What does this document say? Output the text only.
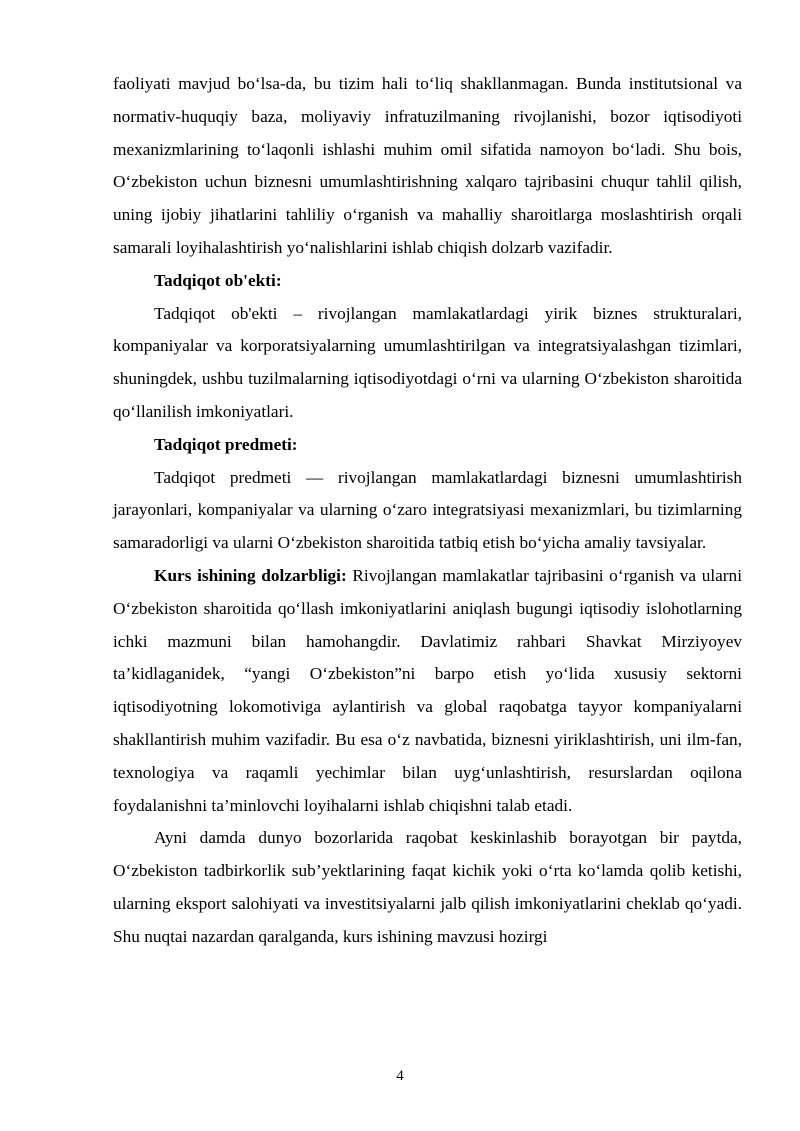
faoliyati mavjud bo‘lsa-da, bu tizim hali to‘liq shakllanmagan. Bunda institutsional va normativ-huquqiy baza, moliyaviy infratuzilmaning rivojlanishi, bozor iqtisodiyoti mexanizmlarining to‘laqonli ishlashi muhim omil sifatida namoyon bo‘ladi. Shu bois, O‘zbekiston uchun biznesni umumlashtirishning xalqaro tajribasini chuqur tahlil qilish, uning ijobiy jihatlarini tahliliy o‘rganish va mahalliy sharoitlarga moslashtirish orqali samarali loyihalashtirish yo‘nalishlarini ishlab chiqish dolzarb vazifadir.

Tadqiqot ob'ekti:

Tadqiqot ob'ekti – rivojlangan mamlakatlardagi yirik biznes strukturalari, kompaniyalar va korporatsiyalarning umumlashtirilgan va integratsiyalashgan tizimlari, shuningdek, ushbu tuzilmalarning iqtisodiyotdagi o‘rni va ularning O‘zbekiston sharoitida qo‘llanilish imkoniyatlari.

Tadqiqot predmeti:

Tadqiqot predmeti — rivojlangan mamlakatlardagi biznesni umumlashtirish jarayonlari, kompaniyalar va ularning o‘zaro integratsiyasi mexanizmlari, bu tizimlarning samaradorligi va ularni O‘zbekiston sharoitida tatbiq etish bo‘yicha amaliy tavsiyalar.

Kurs ishining dolzarbligi: Rivojlangan mamlakatlar tajribasini o‘rganish va ularni O‘zbekiston sharoitida qo‘llash imkoniyatlarini aniqlash bugungi iqtisodiy islohotlarning ichki mazmuni bilan hamohangdir. Davlatimiz rahbari Shavkat Mirziyoyev ta’kidlaganidek, “yangi O‘zbekiston”ni barpo etish yo‘lida xususiy sektorni iqtisodiyotning lokomotiviga aylantirish va global raqobatga tayyor kompaniyalarni shakllantirish muhim vazifadir. Bu esa o‘z navbatida, biznesni yiriklashtirish, uni ilm-fan, texnologiya va raqamli yechimlar bilan uyg‘unlashtirish, resurslardan oqilona foydalanishni ta’minlovchi loyihalarni ishlab chiqishni talab etadi.

Ayni damda dunyo bozorlarida raqobat keskinlashib borayotgan bir paytda, O‘zbekiston tadbirkorlik sub’yektlarining faqat kichik yoki o‘rta ko‘lamda qolib ketishi, ularning eksport salohiyati va investitsiyalarni jalb qilish imkoniyatlarini cheklab qo‘yadi. Shu nuqtai nazardan qaralganda, kurs ishining mavzusi hozirgi

4
